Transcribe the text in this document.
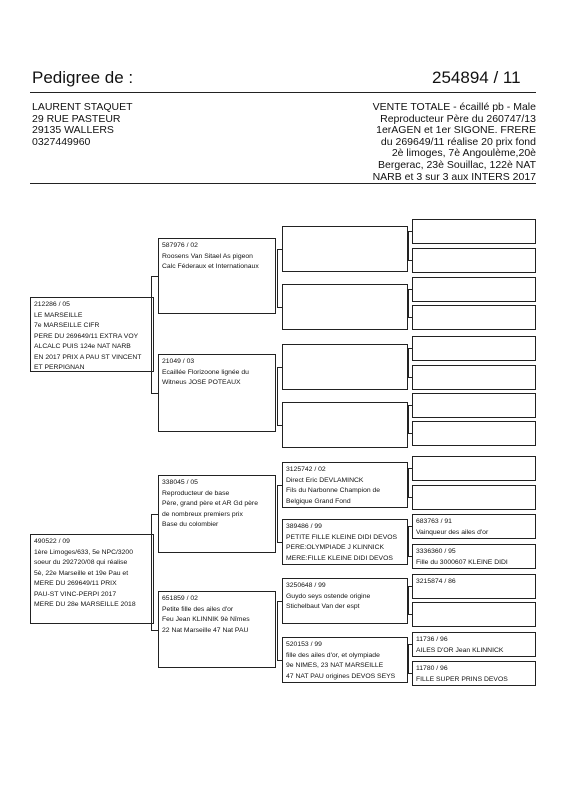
Pedigree de :	254894 / 11
LAURENT STAQUET
29 RUE PASTEUR
29135 WALLERS
0327449960
VENTE TOTALE - écaillé pb - Male
Reproducteur Père du 260747/13
1erAGEN et 1er SIGONE. FRERE
du 269649/11 réalise 20 prix fond
2è limoges, 7è Angoulème,20è
Bergerac, 23è Souillac, 122è NAT
NARB et 3 sur 3 aux INTERS 2017
212286 / 05
LE MARSEILLE
7e MARSEILLE CIFR
PERE DU 269649/11 EXTRA VOY
ALCALC PUIS 124e NAT NARB
EN 2017 PRIX A PAU ST VINCENT
ET PERPIGNAN
490522 / 09
1ère Limoges/633, 5e NPC/3200
soeur du 292720/08 qui réalise
5è, 22e Marseille et 19e Pau et
MERE DU 269649/11 PRIX
PAU-ST VINC-PERPI 2017
MERE DU 28e MARSEILLE 2018
587976 / 02
Roosens Van Sitael As pigeon
Calc Féderaux et Internationaux
21049 / 03
Ecaillée Florizoone lignée du
Witneus JOSE POTEAUX
338045 / 05
Reproducteur de base
Père, grand père et AR Gd père
de nombreux premiers prix
Base du colombier
651859 / 02
Petite fille des ailes d'or
Feu Jean KLINNIK 9è Nîmes
22 Nat Marseille 47 Nat PAU
3125742 / 02
Direct Eric DEVLAMINCK
Fils du Narbonne Champion de
Belgique Grand Fond
389486 / 99
PETITE FILLE KLEINE DIDI DEVOS
PERE:OLYMPIADE J KLINNICK
MERE:FILLE KLEINE DIDI DEVOS
3250648 / 99
Guydo seys ostende origine
Stichelbaut Van der espt
520153 / 99
fille des ailes d'or, et olympiade
9e NIMES, 23 NAT MARSEILLE
47 NAT PAU origines DEVOS SEYS
683763 / 91
Vainqueur des ailes d'or
3336360 / 95
Fille du 3000607 KLEINE DIDI
3215874 / 86
11736 / 96
AILES D'OR Jean KLINNICK
11780 / 96
FILLE SUPER PRINS DEVOS
